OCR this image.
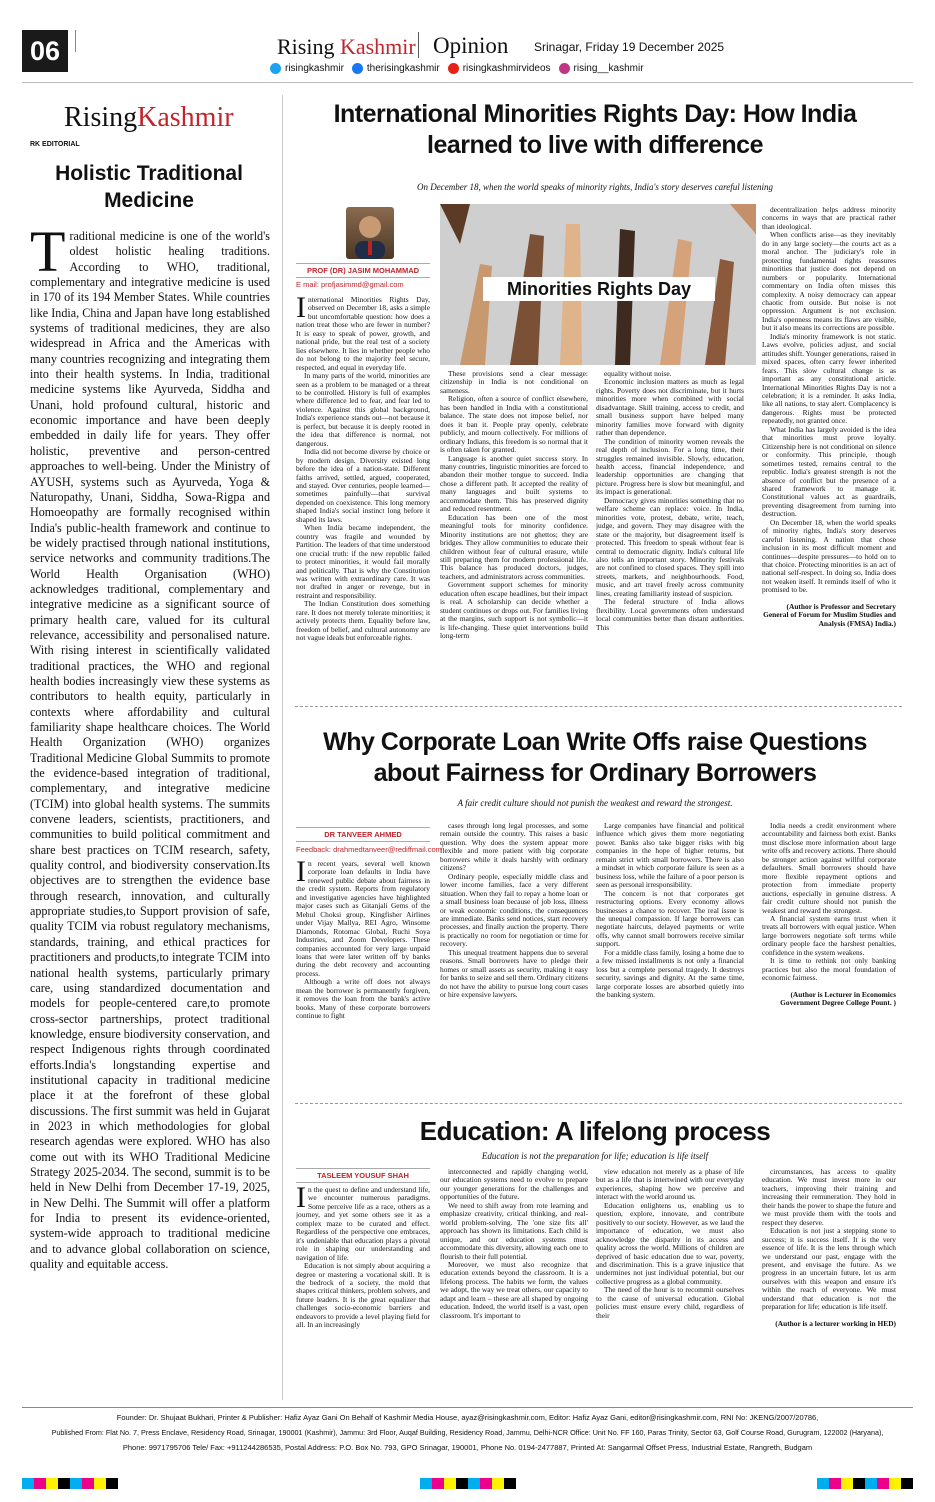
06	Rising Kashmir Opinion Srinagar, Friday 19 December 2025
risingkashmir therisingkashmir risingkashmirvideos rising__kashmir
RisingKashmir
RK EDITORIAL
Holistic Traditional Medicine
Traditional medicine is one of the world's oldest holistic healing traditions. According to WHO, traditional, complementary and integrative medicine is used in 170 of its 194 Member States. While countries like India, China and Japan have long established systems of traditional medicines, they are also widespread in Africa and the Americas with many countries recognizing and integrating them into their health systems. In India, traditional medicine systems like Ayurveda, Siddha and Unani, hold profound cultural, historic and economic importance and have been deeply embedded in daily life for years. They offer holistic, preventive and person-centred approaches to well-being. Under the Ministry of AYUSH, systems such as Ayurveda, Yoga & Naturopathy, Unani, Siddha, Sowa-Rigpa and Homoeopathy are formally recognised within India's public-health framework and continue to be widely practised through national institutions, service networks and community traditions.The World Health Organisation (WHO) acknowledges traditional, complementary and integrative medicine as a significant source of primary health care, valued for its cultural relevance, accessibility and personalised nature. With rising interest in scientifically validated traditional practices, the WHO and regional health bodies increasingly view these systems as contributors to health equity, particularly in contexts where affordability and cultural familiarity shape healthcare choices. The World Health Organization (WHO) organizes Traditional Medicine Global Summits to promote the evidence-based integration of traditional, complementary, and integrative medicine (TCIM) into global health systems. The summits convene leaders, scientists, practitioners, and communities to build political commitment and share best practices on TCIM research, safety, quality control, and biodiversity conservation.Its objectives are to strengthen the evidence base through research, innovation, and culturally appropriate studies,to Support provision of safe, quality TCIM via robust regulatory mechanisms, standards, training, and ethical practices for practitioners and products,to integrate TCIM into national health systems, particularly primary care, using standardized documentation and models for people-centered care,to promote cross-sector partnerships, protect traditional knowledge, ensure biodiversity conservation, and respect Indigenous rights through coordinated efforts.India's longstanding expertise and institutional capacity in traditional medicine place it at the forefront of these global discussions. The first summit was held in Gujarat in 2023 in which methodologies for global research agendas were explored. WHO has also come out with its WHO Traditional Medicine Strategy 2025-2034. The second, summit is to be held in New Delhi from December 17-19, 2025, in New Delhi. The Summit will offer a platform for India to present its evidence-oriented, system-wide approach to traditional medicine and to advance global collaboration on science, quality and equitable access.
International Minorities Rights Day: How India
learned to live with difference
On December 18, when the world speaks of minority rights, India's story deserves careful listening
PROF (DR) JASIM MOHAMMAD
E mail: profjasimmd@gmail.com	Minorities Rights Day

International Minorities Rights Day, observed on December 18, asks a simple but uncomfortable question: how does a nation treat those who are fewer in number? It is easy to speak of power, growth, and national pride, but the real test of a society lies elsewhere. It lies in whether people who do not belong to the majority feel secure, respected, and equal in everyday life.

In many parts of the world, minorities are seen as a problem to be managed or a threat to be controlled. History is full of examples where difference led to fear, and fear led to violence. Against this global background, India's experience stands out—not because it is perfect, but because it is deeply rooted in the idea that difference is normal, not dangerous.

India did not become diverse by choice or by modern design. Diversity existed long before the idea of a nation-state. Different faiths arrived, settled, argued, cooperated, and stayed. Over centuries, people learned—sometimes painfully—that survival depended on coexistence. This long memory shaped India's social instinct long before it shaped its laws.

When India became independent, the country was fragile and wounded by Partition. The leaders of that time understood one crucial truth: if the new republic failed to protect minorities, it would fail morally and politically. That is why the Constitution was written with extraordinary care. It was not drafted in anger or revenge, but in restraint and responsibility.

The Indian Constitution does something rare. It does not merely tolerate minorities; it actively protects them. Equality before law, freedom of belief, and cultural autonomy are not vague ideals but enforceable rights.

These provisions send a clear message: citizenship in India is not conditional on sameness.

Religion, often a source of conflict elsewhere, has been handled in India with a constitutional balance. The state does not impose belief, nor does it ban it. People pray openly, celebrate publicly, and mourn collectively. For millions of ordinary Indians, this freedom is so normal that it is often taken for granted.

Language is another quiet success story. In many countries, linguistic minorities are forced to abandon their mother tongue to succeed. India chose a different path. It accepted the reality of many languages and built systems to accommodate them. This has preserved dignity and reduced resentment.

Education has been one of the most meaningful tools for minority confidence. Minority institutions are not ghettos; they are bridges. They allow communities to educate their children without fear of cultural erasure, while still preparing them for modern professional life. This balance has produced doctors, judges, teachers, and administrators across communities.

Government support schemes for minority education often escape headlines, but their impact is real. A scholarship can decide whether a student continues or drops out. For families living at the margins, such support is not symbolic—it is life-changing. These quiet interventions build long-term

equality without noise.

Economic inclusion matters as much as legal rights. Poverty does not discriminate, but it hurts minorities more when combined with social disadvantage. Skill training, access to credit, and small business support have helped many minority families move forward with dignity rather than dependence.

The condition of minority women reveals the real depth of inclusion. For a long time, their struggles remained invisible. Slowly, education, health access, financial independence, and leadership opportunities are changing that picture. Progress here is slow but meaningful, and its impact is generational.

Democracy gives minorities something that no welfare scheme can replace: voice. In India, minorities vote, protest, debate, write, teach, judge, and govern. They may disagree with the state or the majority, but disagreement itself is protected. This freedom to speak without fear is central to democratic dignity. India's cultural life also tells an important story. Minority festivals are not confined to closed spaces. They spill into streets, markets, and neighbourhoods. Food, music, and art travel freely across community lines, creating familiarity instead of suspicion.

The federal structure of India allows flexibility. Local governments often understand local communities better than distant authorities. This

decentralization helps address minority concerns in ways that are practical rather than ideological.

When conflicts arise—as they inevitably do in any large society—the courts act as a moral anchor. The judiciary's role in protecting fundamental rights reassures minorities that justice does not depend on numbers or popularity. International commentary on India often misses this complexity. A noisy democracy can appear chaotic from outside. But noise is not oppression. Argument is not exclusion. India's openness means its flaws are visible, but it also means its corrections are possible.

India's minority framework is not static. Laws evolve, policies adjust, and social attitudes shift. Younger generations, raised in mixed spaces, often carry fewer inherited fears. This slow cultural change is as important as any constitutional article. International Minorities Rights Day is not a celebration; it is a reminder. It asks India, like all nations, to stay alert. Complacency is dangerous. Rights must be protected repeatedly, not granted once.

What India has largely avoided is the idea that minorities must prove loyalty. Citizenship here is not conditional on silence or conformity. This principle, though sometimes tested, remains central to the republic. India's greatest strength is not the absence of conflict but the presence of a shared framework to manage it. Constitutional values act as guardrails, preventing disagreement from turning into destruction.

On December 18, when the world speaks of minority rights, India's story deserves careful listening. A nation that chose inclusion in its most difficult moment and continues—despite pressures—to hold on to that choice. Protecting minorities is an act of national self-respect. In doing so, India does not weaken itself. It reminds itself of who it promised to be.

(Author is Professor and Secretary General of Forum for Muslim Studies and Analysis (FMSA) India.)

Why Corporate Loan Write Offs raise Questions
about Fairness for Ordinary Borrowers
A fair credit culture should not punish the weakest and reward the strongest.
DR TANVEER AHMED
Feedback: drahmedtanveer@rediffmail.com

In recent years, several well known corporate loan defaults in India have renewed public debate about fairness in the credit system. Reports from regulatory and investigative agencies have highlighted major cases such as Gitanjali Gems of the Mehul Choksi group, Kingfisher Airlines under Vijay Mallya, REI Agro, Winsome Diamonds, Rotomac Global, Ruchi Soya Industries, and Zoom Developers. These companies accounted for very large unpaid loans that were later written off by banks during the debt recovery and accounting process.

Although a write off does not always mean the borrower is permanently forgiven, it removes the loan from the bank's active books. Many of these corporate borrowers continue to fight

cases through long legal processes, and some remain outside the country. This raises a basic question. Why does the system appear more flexible and more patient with big corporate borrowers while it deals harshly with ordinary citizens?

Ordinary people, especially middle class and lower income families, face a very different situation. When they fail to repay a home loan or a small business loan because of job loss, illness or weak economic conditions, the consequences are immediate. Banks send notices, start recovery processes, and finally auction the property. There is practically no room for negotiation or time for recovery.

This unequal treatment happens due to several reasons. Small borrowers have to pledge their homes or small assets as security, making it easy for banks to seize and sell them. Ordinary citizens do not have the ability to pursue long court cases or hire expensive lawyers.

Large companies have financial and political influence which gives them more negotiating power. Banks also take bigger risks with big companies in the hope of higher returns, but remain strict with small borrowers. There is also a mindset in which corporate failure is seen as a business loss, while the failure of a poor person is seen as personal irresponsibility.

The concern is not that corporates get restructuring options. Every economy allows businesses a chance to recover. The real issue is the unequal compassion. If large borrowers can negotiate haircuts, delayed payments or write offs, why cannot small borrowers receive similar support.

For a middle class family, losing a home due to a few missed installments is not only a financial loss but a complete personal tragedy. It destroys security, savings and dignity. At the same time, large corporate losses are absorbed quietly into the banking system.

India needs a credit environment where accountability and fairness both exist. Banks must disclose more information about large write offs and recovery actions. There should be stronger action against willful corporate defaulters. Small borrowers should have more flexible repayment options and protection from immediate property auctions, especially in genuine distress. A fair credit culture should not punish the weakest and reward the strongest.

A financial system earns trust when it treats all borrowers with equal justice. When large borrowers negotiate soft terms while ordinary people face the harshest penalties, confidence in the system weakens.

It is time to rethink not only banking practices but also the moral foundation of economic fairness.

(Author is Lecturer in Economics Government Degree College Pount. )

Education: A lifelong process
Education is not the preparation for life; education is life itself
TASLEEM YOUSUF SHAH

In the quest to define and understand life, we encounter numerous paradigms. Some perceive life as a race, others as a journey, and yet some others see it as a complex maze to be curated and effect. Regardless of the perspective one embraces, it's undeniable that education plays a pivotal role in shaping our understanding and navigation of life.

Education is not simply about acquiring a degree or mastering a vocational skill. It is the bedrock of a society, the mold that shapes critical thinkers, problem solvers, and future leaders. It is the great equalizer that challenges socio-economic barriers and endeavors to provide a level playing field for all. In an increasingly

interconnected and rapidly changing world, our education systems need to evolve to prepare our younger generations for the challenges and opportunities of the future.

We need to shift away from rote learning and emphasize creativity, critical thinking, and real-world problem-solving. The 'one size fits all' approach has shown its limitations. Each child is unique, and our education systems must accommodate this diversity, allowing each one to flourish to their full potential.

Moreover, we must also recognize that education extends beyond the classroom. It is a lifelong process. The habits we form, the values we adopt, the way we treat others, our capacity to adapt and learn – these are all shaped by ongoing education. Indeed, the world itself is a vast, open classroom. It's important to

view education not merely as a phase of life but as a life that is intertwined with our everyday experiences, shaping how we perceive and interact with the world around us.

Education enlightens us, enabling us to question, explore, innovate, and contribute positively to our society. However, as we laud the importance of education, we must also acknowledge the disparity in its access and quality across the world. Millions of children are deprived of basic education due to war, poverty, and discrimination. This is a grave injustice that undermines not just individual potential, but our collective progress as a global community.

The need of the hour is to recommit ourselves to the cause of universal education. Global policies must ensure every child, regardless of their

circumstances, has access to quality education. We must invest more in our teachers, improving their training and increasing their remuneration. They hold in their hands the power to shape the future and we must provide them with the tools and respect they deserve.

Education is not just a stepping stone to success; it is success itself. It is the very essence of life. It is the lens through which we understand our past, engage with the present, and envisage the future. As we progress in an uncertain future, let us arm ourselves with this weapon and ensure it's within the reach of everyone. We must understand that education is not the preparation for life; education is life itself.

(Author is a lecturer working in HED)

Founder: Dr. Shujaat Bukhari, Printer & Publisher: Hafiz Ayaz Gani On Behalf of Kashmir Media House, ayaz@risingkashmir.com, Editor: Hafiz Ayaz Gani, editor@risingkashmir.com, RNI No: JKENG/2007/20786,
Published From: Flat No. 7, Press Enclave, Residency Road, Srinagar, 190001 (Kashmir), Jammu: 3rd Floor, Auqaf Building, Residency Road, Jammu, Delhi-NCR Office: Unit No. FF 160, Paras Trinity, Sector 63, Golf Course Road, Gurugram, 122002 (Haryana),
Phone: 9971795706 Tele/ Fax: +911244286535, Postal Address: P.O. Box No. 793, GPO Srinagar, 190001, Phone No. 0194-2477887, Printed At: Sangarmal Offset Press, Industrial Estate, Rangreth, Budgam
